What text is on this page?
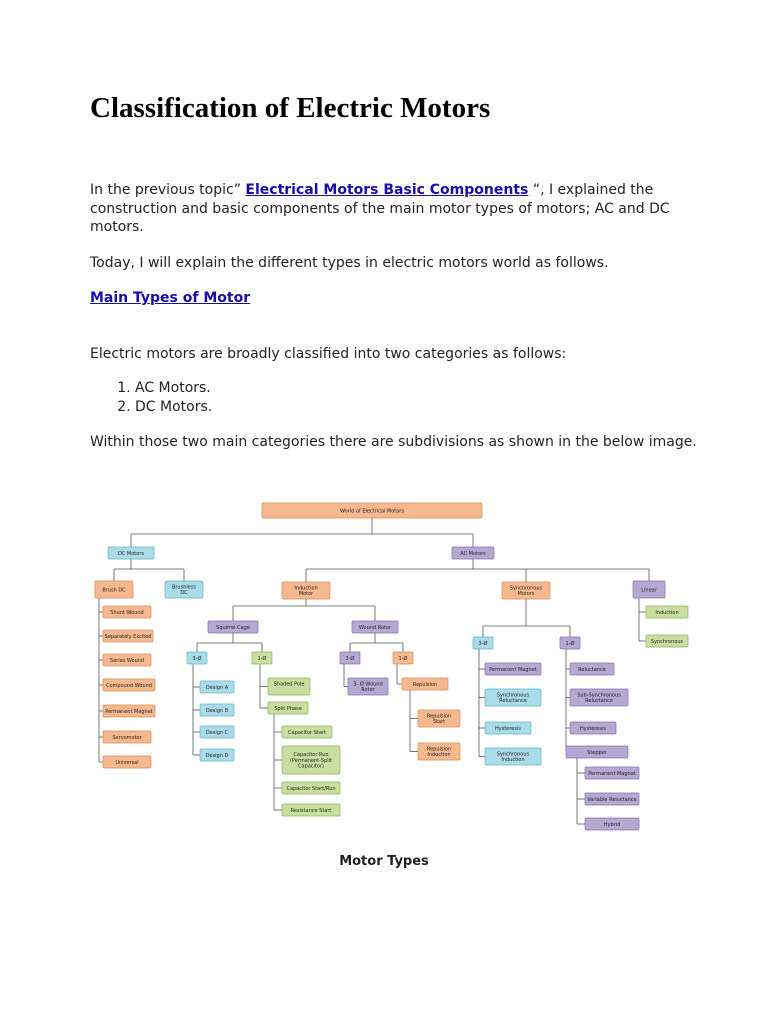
Classification of Electric Motors

In the previous topic” Electrical Motors Basic Components “, I explained the construction and basic components of the main motor types of motors; AC and DC motors.

Today, I will explain the different types in electric motors world as follows.

Main Types of Motor

Electric motors are broadly classified into two categories as follows:

1. AC Motors.
2. DC Motors.

Within those two main categories there are subdivisions as shown in the below image.

World of Electrical Motors
DC Motors	AC Motors
Brush DC	Brushless
DC
Induction
Motor
Synchronous
Motors
Linear
Shunt Wound
Separately Excited
Series Wound
Compound Wound
Permanent Magnet
Servomotor
Universal
Squirrel Cage	Wound Rotor
3-Ø	1-Ø
Design A
Design B
Design C
Design D
Shaded Pole
Split Phase
Capacitor Start
Capacitor Run
(Permanent-Split
Capacitor)
Capacitor Start/Run
Resistance Start
3-Ø	1-Ø
3- Ø Wound
Rotor
Repulsion
Repulsion
Start
Repulsion
Induction
3-Ø	1-Ø
Permanent Magnet
Synchronous
Reluctance
Hysteresis
Synchronous
Induction
Reluctance
Sub-Synchronous
Reluctance
Hysteresis
Stepper
Permanent Magnet
Variable Reluctance
Hybrid
Induction
Synchronous

Motor Types
